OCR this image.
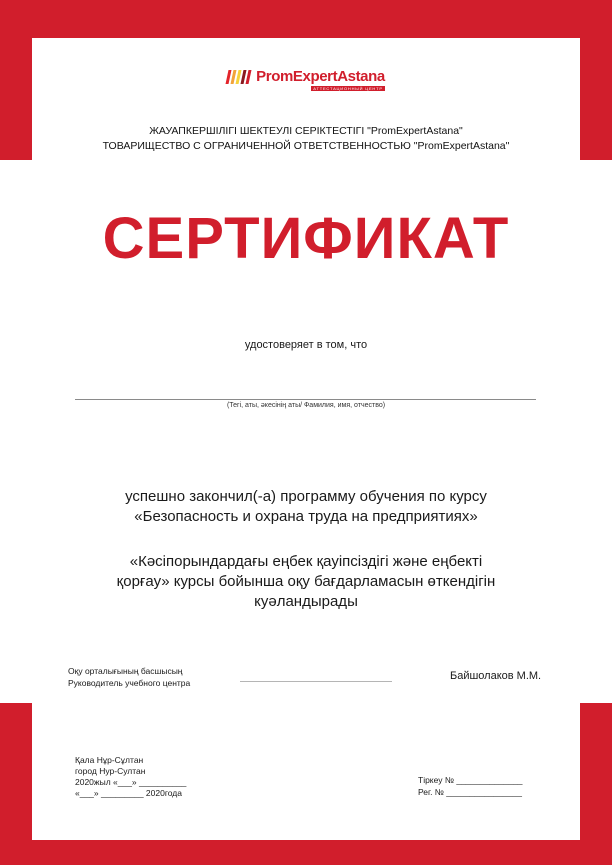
PromExpertAstana
АТТЕСТАЦИОННЫЙ ЦЕНТР
ЖАУАПКЕРШІЛІГІ ШЕКТЕУЛІ СЕРІКТЕСТІГІ "PromExpertAstana"
ТОВАРИЩЕСТВО С ОГРАНИЧЕННОЙ ОТВЕТСТВЕННОСТЬЮ "PromExpertAstana"
СЕРТИФИКАТ
удостоверяет в том, что
(Тегі, аты, әкесінің аты/ Фамилия, имя, отчество)
успешно закончил(-а) программу обучения по курсу
«Безопасность и охрана труда на предприятиях»
«Кәсіпорындардағы еңбек қауіпсіздігі және еңбекті
қорғау» курсы бойынша оқу бағдарламасын өткендігін
куәландырады
Оқу орталығының басшысың
Руководитель учебного центра
Байшолаков М.М.
Қала Нұр-Сұлтан
город Нур-Султан
2020жыл «___» __________
«___» _________ 2020года
Тіркеу № ______________
Рег. № ________________
